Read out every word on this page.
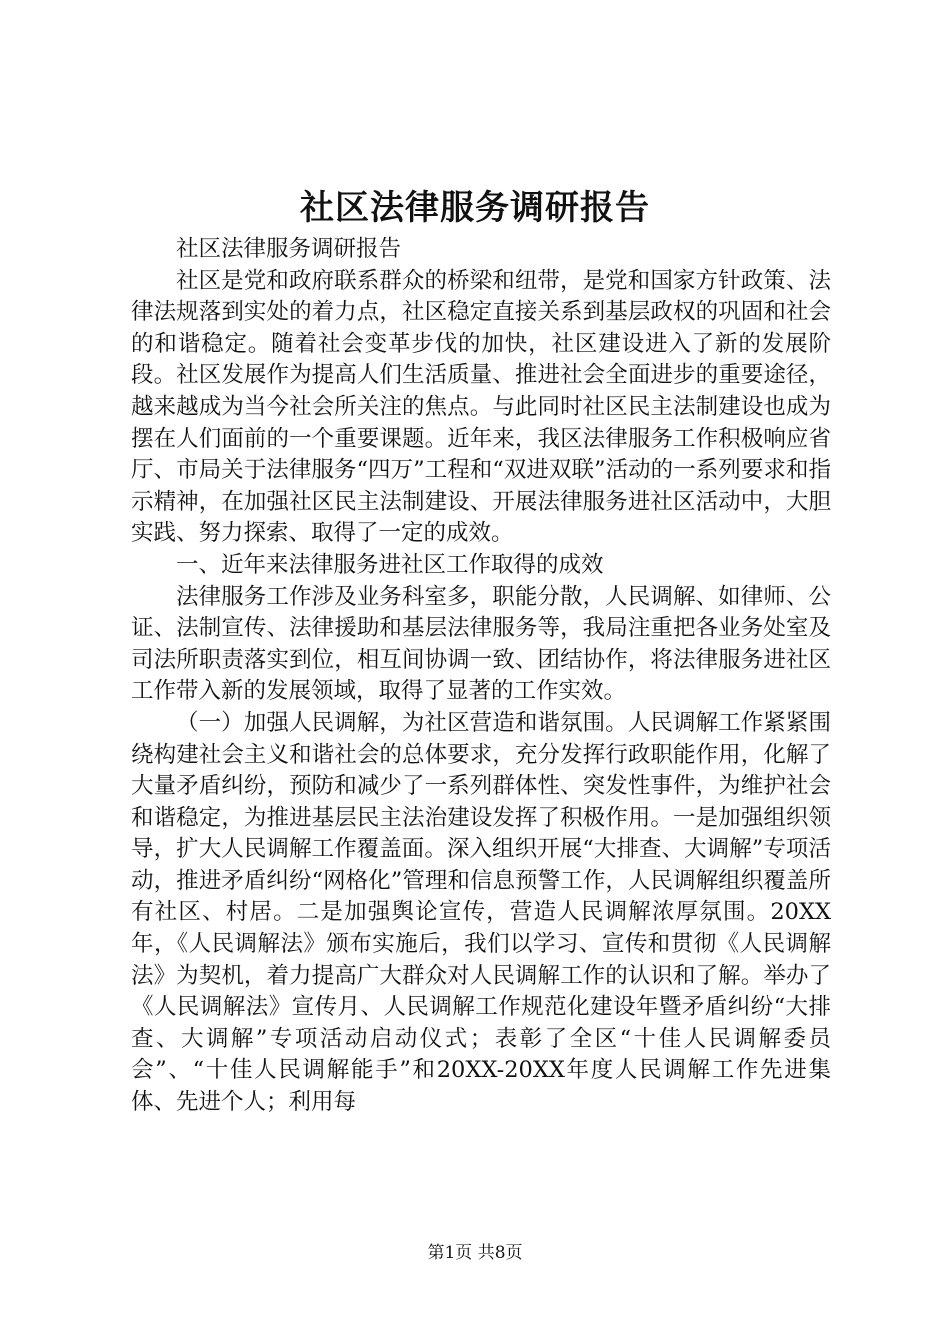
社区法律服务调研报告

社区法律服务调研报告

社区是党和政府联系群众的桥梁和纽带，是党和国家方针政策、法律法规落到实处的着力点，社区稳定直接关系到基层政权的巩固和社会的和谐稳定。随着社会变革步伐的加快，社区建设进入了新的发展阶段。社区发展作为提高人们生活质量、推进社会全面进步的重要途径，越来越成为当今社会所关注的焦点。与此同时社区民主法制建设也成为摆在人们面前的一个重要课题。近年来，我区法律服务工作积极响应省厅、市局关于法律服务“四万”工程和“双进双联”活动的一系列要求和指示精神，在加强社区民主法制建设、开展法律服务进社区活动中，大胆实践、努力探索、取得了一定的成效。

一、近年来法律服务进社区工作取得的成效

法律服务工作涉及业务科室多，职能分散，人民调解、如律师、公证、法制宣传、法律援助和基层法律服务等，我局注重把各业务处室及司法所职责落实到位，相互间协调一致、团结协作，将法律服务进社区工作带入新的发展领域，取得了显著的工作实效。

（一）加强人民调解，为社区营造和谐氛围。人民调解工作紧紧围绕构建社会主义和谐社会的总体要求，充分发挥行政职能作用，化解了大量矛盾纠纷，预防和减少了一系列群体性、突发性事件，为维护社会和谐稳定，为推进基层民主法治建设发挥了积极作用。一是加强组织领导，扩大人民调解工作覆盖面。深入组织开展“大排查、大调解”专项活动，推进矛盾纠纷“网格化”管理和信息预警工作，人民调解组织覆盖所有社区、村居。二是加强舆论宣传，营造人民调解浓厚氛围。20XX年，《人民调解法》颁布实施后，我们以学习、宣传和贯彻《人民调解法》为契机，着力提高广大群众对人民调解工作的认识和了解。举办了《人民调解法》宣传月、人民调解工作规范化建设年暨矛盾纠纷“大排查、大调解”专项活动启动仪式；表彰了全区“十佳人民调解委员会”、“十佳人民调解能手”和20XX-20XX年度人民调解工作先进集体、先进个人；利用每

第1页 共8页
